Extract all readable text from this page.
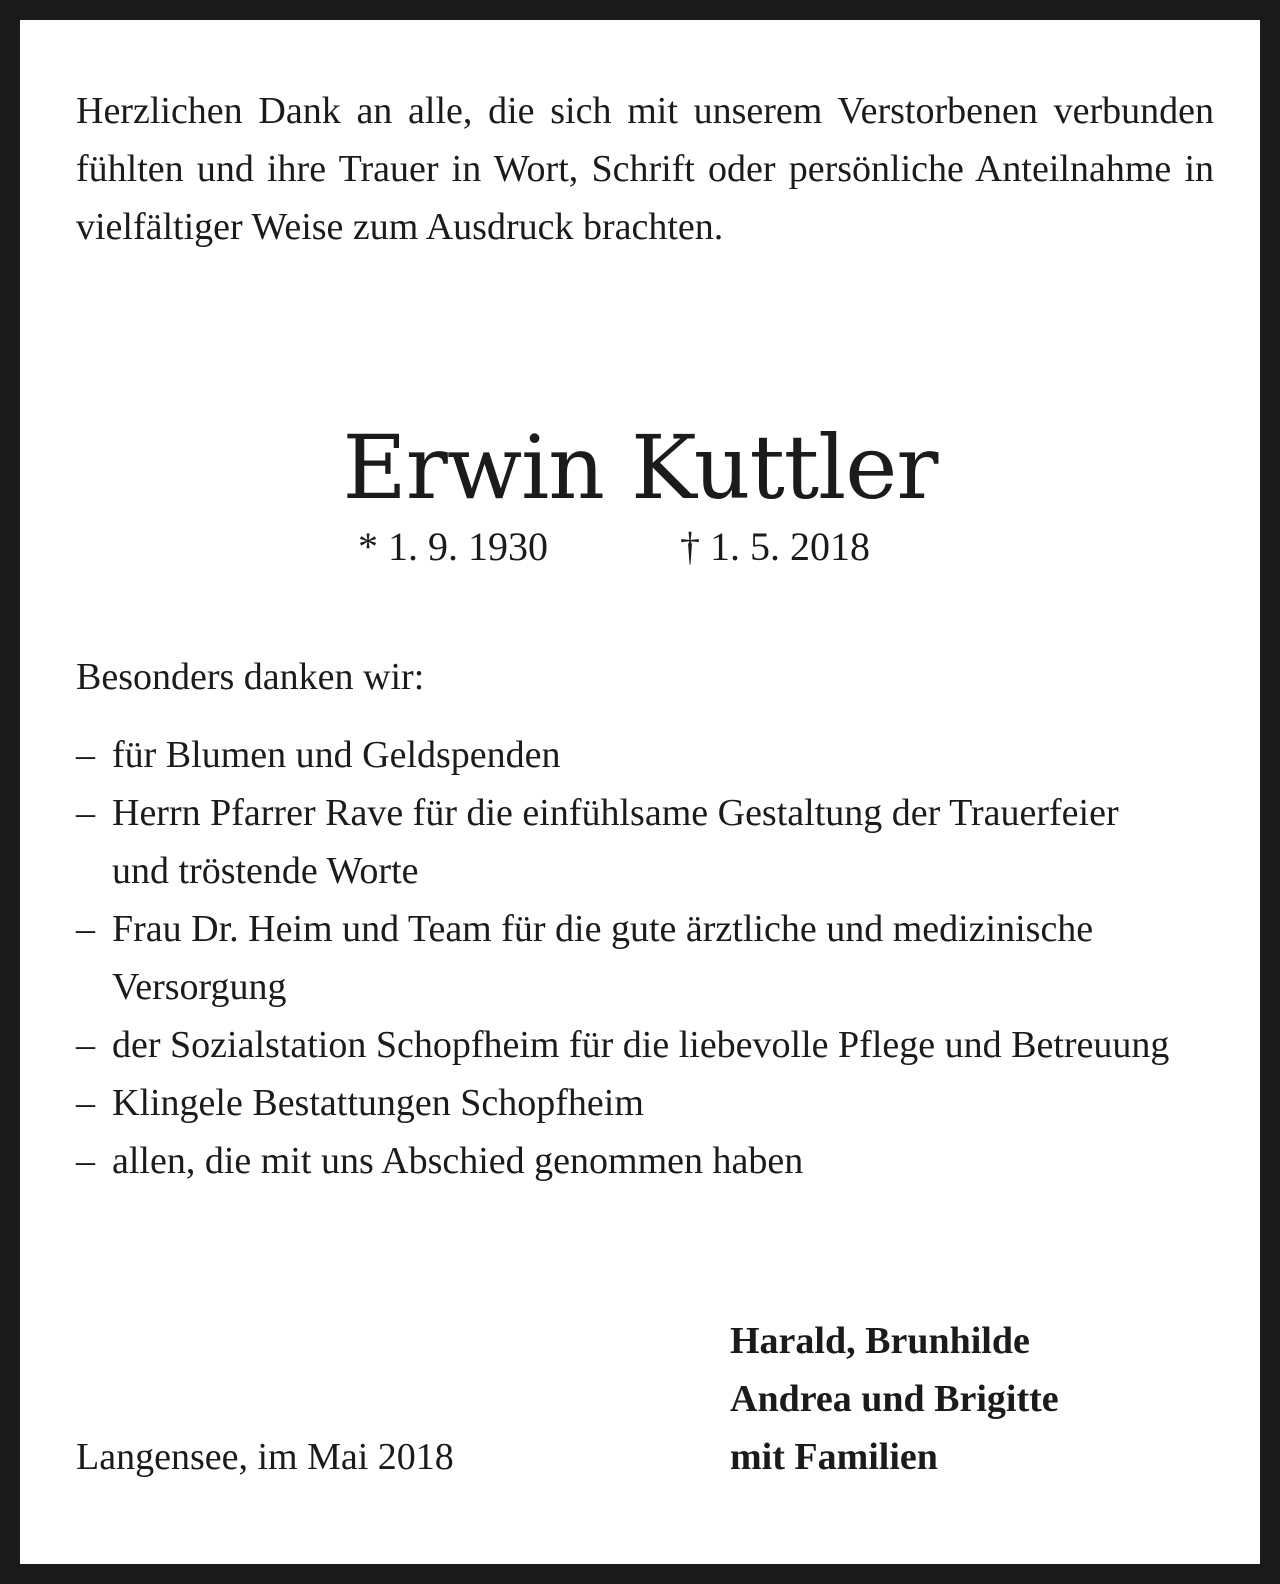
Herzlichen Dank an alle, die sich mit unserem Verstorbenen verbunden fühlten und ihre Trauer in Wort, Schrift oder persönliche Anteilnahme in vielfältiger Weise zum Ausdruck brachten.

Erwin Kuttler
* 1. 9. 1930	† 1. 5. 2018
Besonders danken wir:
– für Blumen und Geldspenden
– Herrn Pfarrer Rave für die einfühlsame Gestaltung der Trauerfeier und tröstende Worte
– Frau Dr. Heim und Team für die gute ärztliche und medizinische Versorgung
– der Sozialstation Schopfheim für die liebevolle Pflege und Betreuung
– Klingele Bestattungen Schopfheim
– allen, die mit uns Abschied genommen haben
Langensee, im Mai 2018
Harald, Brunhilde
Andrea und Brigitte
mit Familien
